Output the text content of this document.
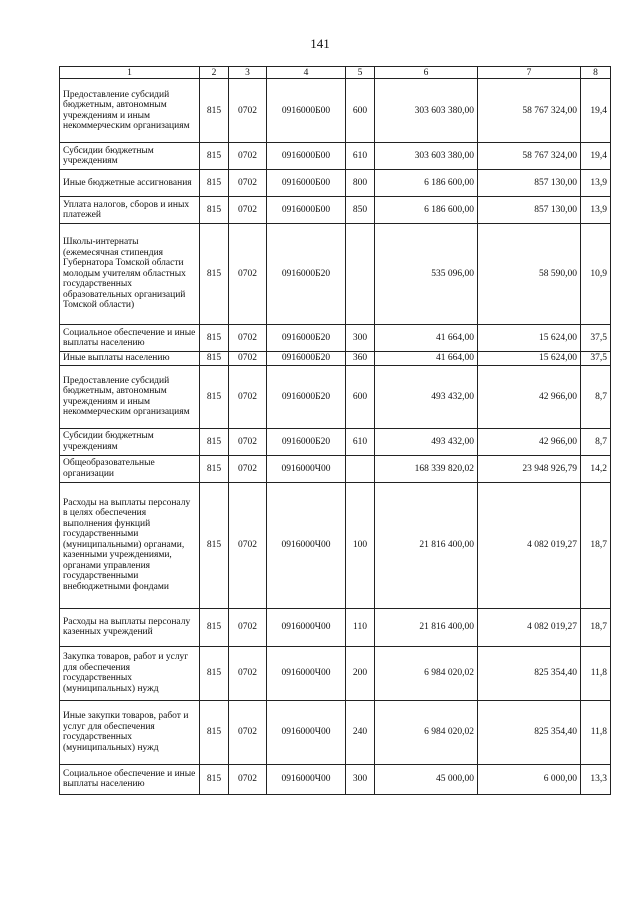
141
1	2	3	4	5	6	7	8
Предоставление субсидий бюджетным, автономным учреждениям и иным некоммерческим организациям	815	0702	0916000Б00	600	303 603 380,00	58 767 324,00	19,4
Субсидии бюджетным учреждениям	815	0702	0916000Б00	610	303 603 380,00	58 767 324,00	19,4
Иные бюджетные ассигнования	815	0702	0916000Б00	800	6 186 600,00	857 130,00	13,9
Уплата налогов, сборов и иных платежей	815	0702	0916000Б00	850	6 186 600,00	857 130,00	13,9
Школы-интернаты (ежемесячная стипендия Губернатора Томской области молодым учителям областных государственных образовательных организаций Томской области)	815	0702	0916000Б20		535 096,00	58 590,00	10,9
Социальное обеспечение и иные выплаты населению	815	0702	0916000Б20	300	41 664,00	15 624,00	37,5
Иные выплаты населению	815	0702	0916000Б20	360	41 664,00	15 624,00	37,5
Предоставление субсидий бюджетным, автономным учреждениям и иным некоммерческим организациям	815	0702	0916000Б20	600	493 432,00	42 966,00	8,7
Субсидии бюджетным учреждениям	815	0702	0916000Б20	610	493 432,00	42 966,00	8,7
Общеобразовательные организации	815	0702	0916000Ч00		168 339 820,02	23 948 926,79	14,2
Расходы на выплаты персоналу в целях обеспечения выполнения функций государственными (муниципальными) органами, казенными учреждениями, органами управления государственными внебюджетными фондами	815	0702	0916000Ч00	100	21 816 400,00	4 082 019,27	18,7
Расходы на выплаты персоналу казенных учреждений	815	0702	0916000Ч00	110	21 816 400,00	4 082 019,27	18,7
Закупка товаров, работ и услуг для обеспечения государственных (муниципальных) нужд	815	0702	0916000Ч00	200	6 984 020,02	825 354,40	11,8
Иные закупки товаров, работ и услуг для обеспечения государственных (муниципальных) нужд	815	0702	0916000Ч00	240	6 984 020,02	825 354,40	11,8
Социальное обеспечение и иные выплаты населению	815	0702	0916000Ч00	300	45 000,00	6 000,00	13,3
